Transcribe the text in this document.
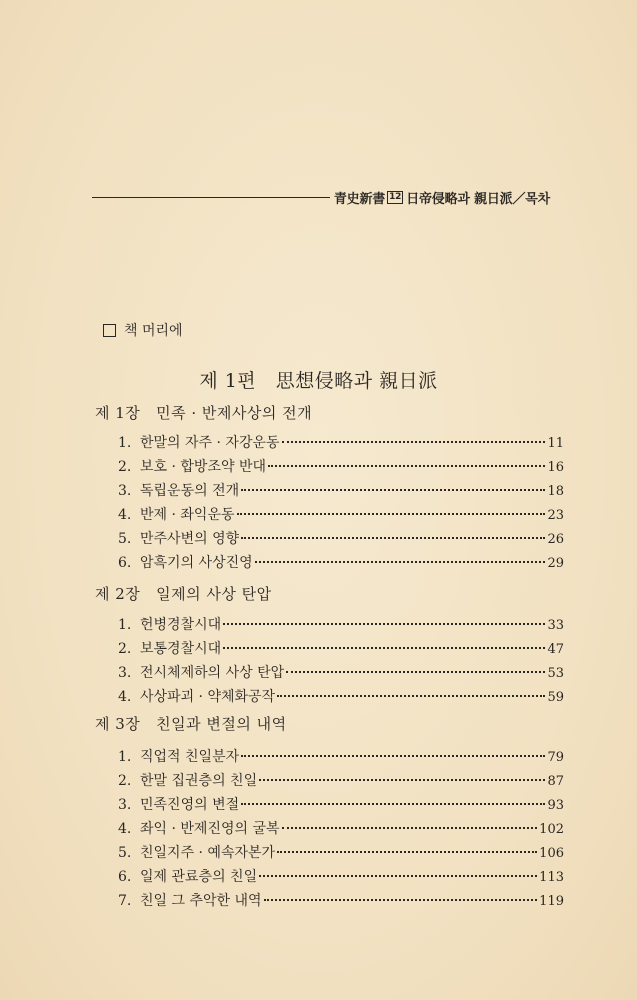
青史新書 12 日帝侵略과 親日派／목차
책 머리에
제 1편   思想侵略과 親日派
제 1장   민족 · 반제사상의 전개
1. 한말의 자주 · 자강운동	11
2. 보호 · 합방조약 반대	16
3. 독립운동의 전개	18
4. 반제 · 좌익운동	23
5. 만주사변의 영향	26
6. 암흑기의 사상진영	29
제 2장   일제의 사상 탄압
1. 헌병경찰시대	33
2. 보통경찰시대	47
3. 전시체제하의 사상 탄압	53
4. 사상파괴 · 약체화공작	59
제 3장   친일과 변절의 내역
1. 직업적 친일분자	79
2. 한말 집권층의 친일	87
3. 민족진영의 변절	93
4. 좌익 · 반제진영의 굴복	102
5. 친일지주 · 예속자본가	106
6. 일제 관료층의 친일	113
7. 친일 그 추악한 내역	119
